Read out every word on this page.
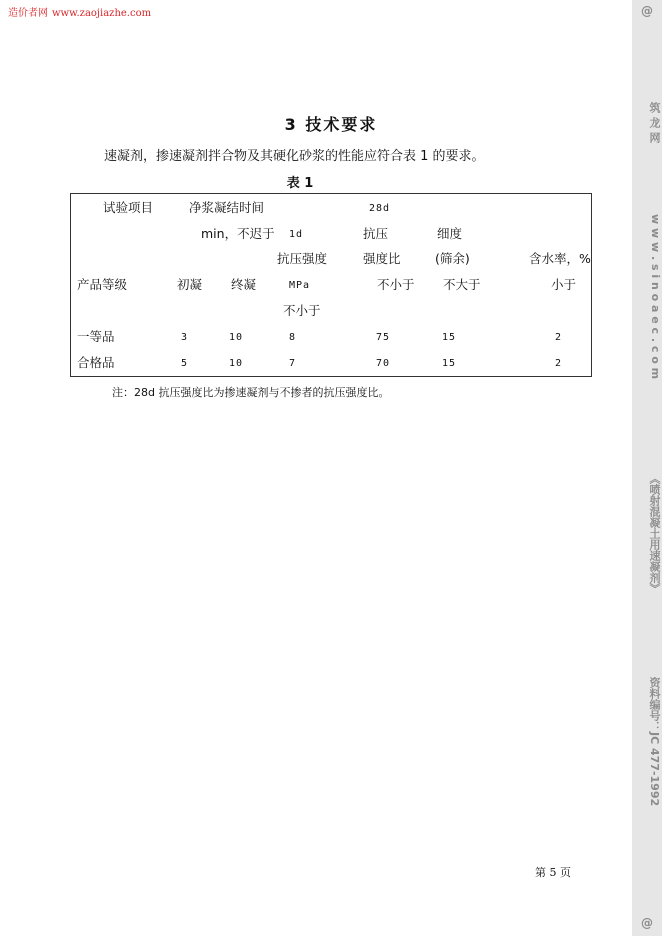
造价者网 www.zaojiazhe.com	@
筑 龙 网
w w w . s i n o a e c . c o m
《喷射混凝土用速凝剂》
资料编号：JC 477-1992
@
3 技术要求
速凝剂，掺速凝剂拌合物及其硬化砂浆的性能应符合表 1 的要求。
表 1
试验项目	净浆凝结时间	28d
min，不迟于 1d	抗压	细度
抗压强度	强度比	(筛余)	含水率，%
产品等级	初凝 终凝	MPa	不小于 不大于	小于
不小于
一等品	3	10	8	75	15	2
合格品	5	10	7	70	15	2
注：28d 抗压强度比为掺速凝剂与不掺者的抗压强度比。
第 5 页
